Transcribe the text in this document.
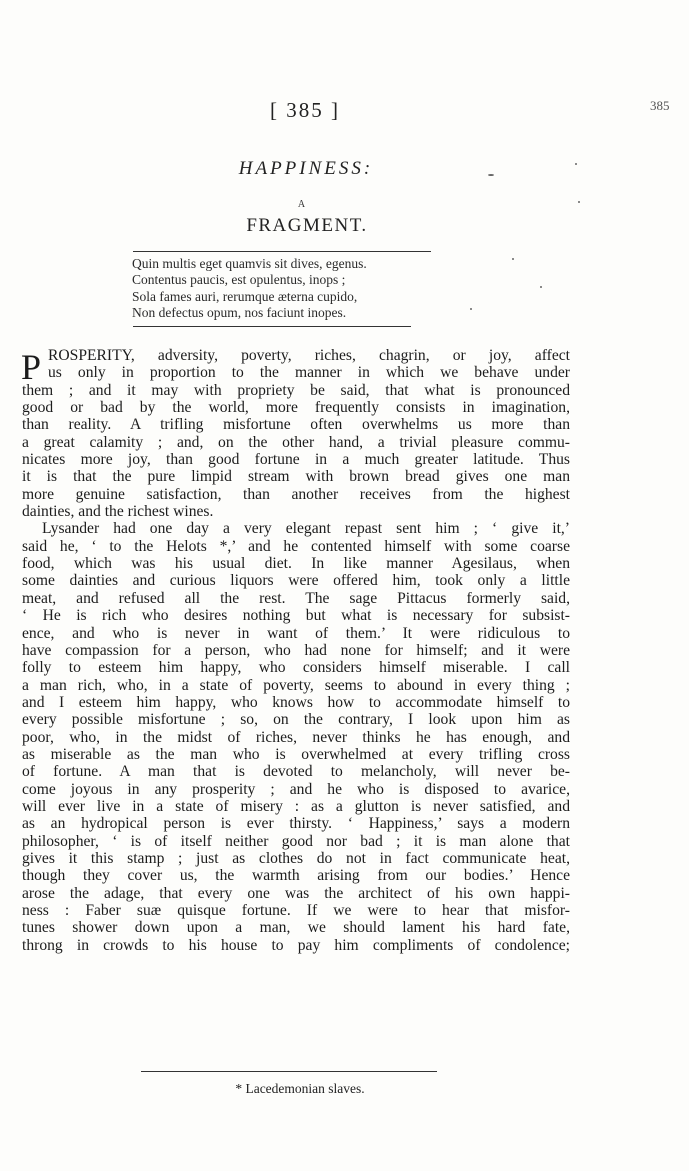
[ 385 ]	385
HAPPINESS:
A
FRAGMENT.
Quin multis eget quamvis sit dives, egenus.
Contentus paucis, est opulentus, inops ;
Sola fames auri, rerumque æterna cupido,
Non defectus opum, nos faciunt inopes.
P ROSPERITY, adversity, poverty, riches, chagrin, or joy, affect
us only in proportion to the manner in which we behave under
them ; and it may with propriety be said, that what is pronounced
good or bad by the world, more frequently consists in imagination,
than reality. A trifling misfortune often overwhelms us more than
a great calamity ; and, on the other hand, a trivial pleasure commu-
nicates more joy, than good fortune in a much greater latitude. Thus
it is that the pure limpid stream with brown bread gives one man
more genuine satisfaction, than another receives from the highest
dainties, and the richest wines.
Lysander had one day a very elegant repast sent him ; ‘ give it,’
said he, ‘ to the Helots *,’ and he contented himself with some coarse
food, which was his usual diet. In like manner Agesilaus, when
some dainties and curious liquors were offered him, took only a little
meat, and refused all the rest. The sage Pittacus formerly said,
‘ He is rich who desires nothing but what is necessary for subsist-
ence, and who is never in want of them.’ It were ridiculous to
have compassion for a person, who had none for himself; and it were
folly to esteem him happy, who considers himself miserable. I call
a man rich, who, in a state of poverty, seems to abound in every thing ;
and I esteem him happy, who knows how to accommodate himself to
every possible misfortune ; so, on the contrary, I look upon him as
poor, who, in the midst of riches, never thinks he has enough, and
as miserable as the man who is overwhelmed at every trifling cross
of fortune. A man that is devoted to melancholy, will never be-
come joyous in any prosperity ; and he who is disposed to avarice,
will ever live in a state of misery : as a glutton is never satisfied, and
as an hydropical person is ever thirsty. ‘ Happiness,’ says a modern
philosopher, ‘ is of itself neither good nor bad ; it is man alone that
gives it this stamp ; just as clothes do not in fact communicate heat,
though they cover us, the warmth arising from our bodies.’ Hence
arose the adage, that every one was the architect of his own happi-
ness : Faber suæ quisque fortune. If we were to hear that misfor-
tunes shower down upon a man, we should lament his hard fate,
throng in crowds to his house to pay him compliments of condolence;
* Lacedemonian slaves.
